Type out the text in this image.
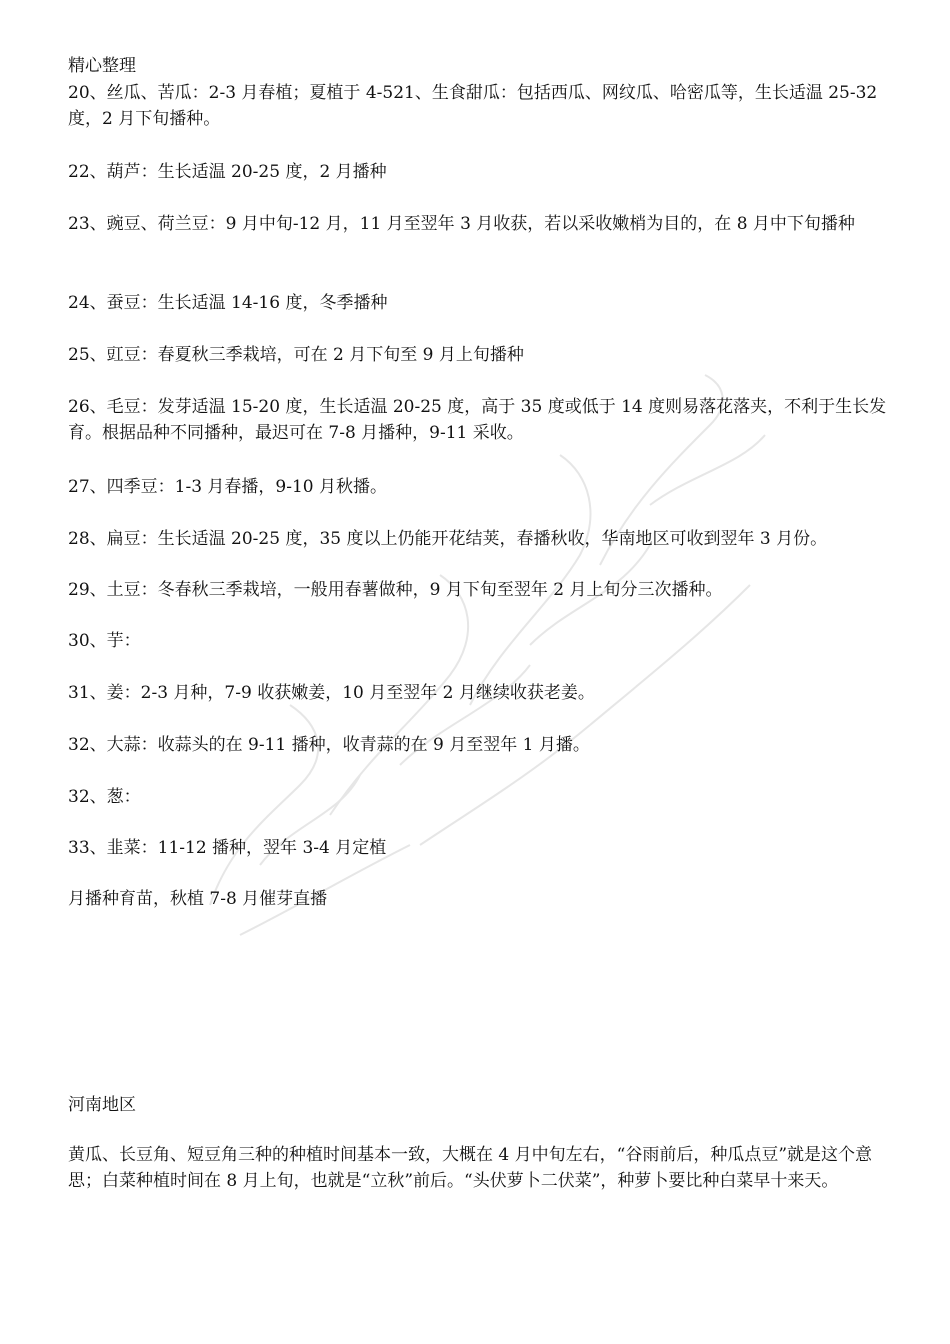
精心整理
20、丝瓜、苦瓜：2-3 月春植；夏植于 4-521、生食甜瓜：包括西瓜、网纹瓜、哈密瓜等，生长适温 25-32 度，2 月下旬播种。
22、葫芦：生长适温 20-25 度，2 月播种
23、豌豆、荷兰豆：9 月中旬-12 月，11 月至翌年 3 月收获，若以采收嫩梢为目的，在 8 月中下旬播种
24、蚕豆：生长适温 14-16 度，冬季播种
25、豇豆：春夏秋三季栽培，可在 2 月下旬至 9 月上旬播种
26、毛豆：发芽适温 15-20 度，生长适温 20-25 度，高于 35 度或低于 14 度则易落花落夹，不利于生长发育。根据品种不同播种，最迟可在 7-8 月播种，9-11 采收。
27、四季豆：1-3 月春播，9-10 月秋播。
28、扁豆：生长适温 20-25 度，35 度以上仍能开花结荚，春播秋收，华南地区可收到翌年 3 月份。
29、土豆：冬春秋三季栽培，一般用春薯做种，9 月下旬至翌年 2 月上旬分三次播种。
30、芋：
31、姜：2-3 月种，7-9 收获嫩姜，10 月至翌年 2 月继续收获老姜。
32、大蒜：收蒜头的在 9-11 播种，收青蒜的在 9 月至翌年 1 月播。
32、葱：
33、韭菜：11-12 播种，翌年 3-4 月定植
月播种育苗，秋植 7-8 月催芽直播
河南地区
黄瓜、长豆角、短豆角三种的种植时间基本一致，大概在 4 月中旬左右，“谷雨前后，种瓜点豆”就是这个意思；白菜种植时间在 8 月上旬，也就是“立秋”前后。“头伏萝卜二伏菜”，种萝卜要比种白菜早十来天。
